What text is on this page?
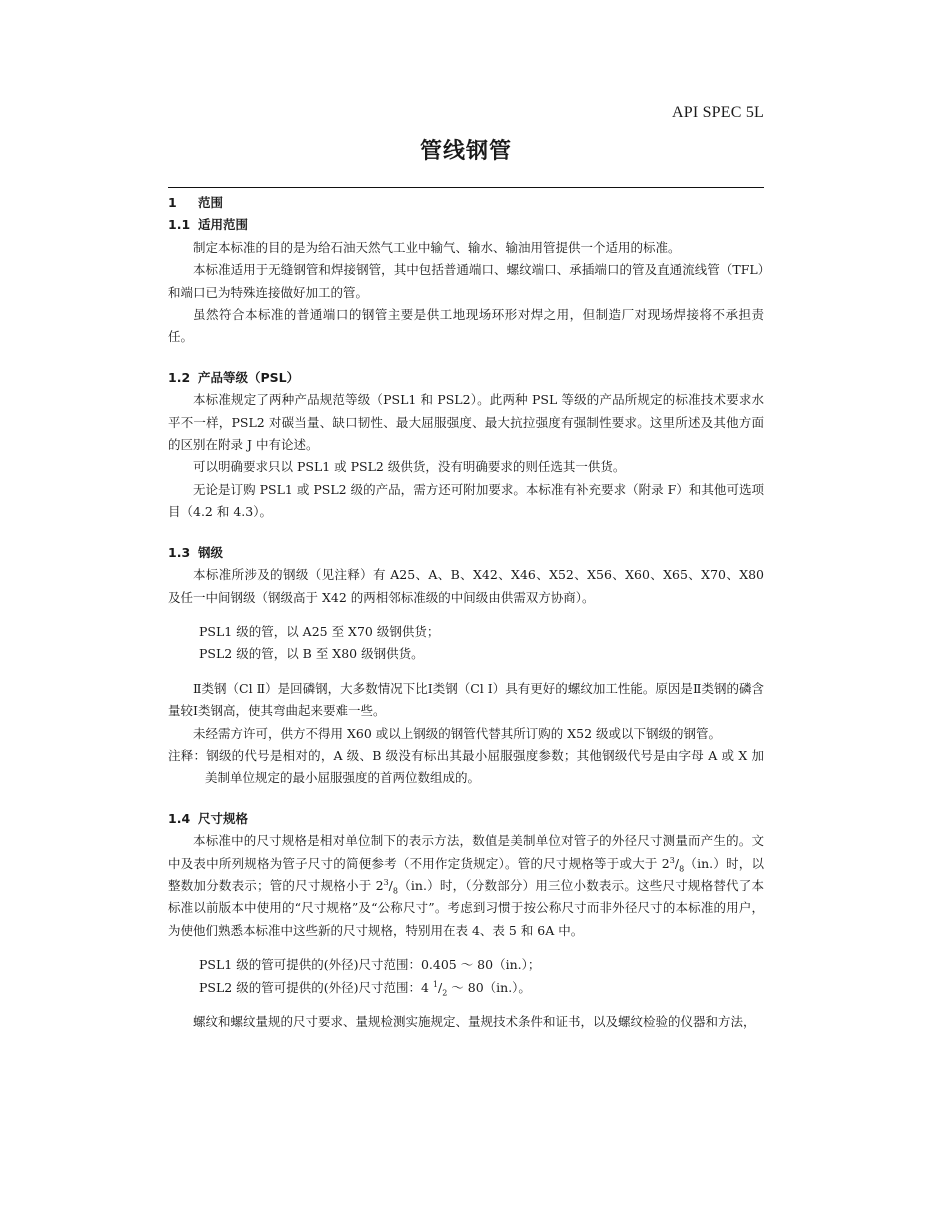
API SPEC 5L
管线钢管
1 范围
1.1 适用范围

制定本标准的目的是为给石油天然气工业中输气、输水、输油用管提供一个适用的标准。

本标准适用于无缝钢管和焊接钢管，其中包括普通端口、螺纹端口、承插端口的管及直通流线管（TFL）和端口已为特殊连接做好加工的管。

虽然符合本标准的普通端口的钢管主要是供工地现场环形对焊之用，但制造厂对现场焊接将不承担责任。

1.2 产品等级（PSL）

本标准规定了两种产品规范等级（PSL1 和 PSL2）。此两种 PSL 等级的产品所规定的标准技术要求水平不一样，PSL2 对碳当量、缺口韧性、最大屈服强度、最大抗拉强度有强制性要求。这里所述及其他方面的区别在附录 J 中有论述。

可以明确要求只以 PSL1 或 PSL2 级供货，没有明确要求的则任选其一供货。

无论是订购 PSL1 或 PSL2 级的产品，需方还可附加要求。本标准有补充要求（附录 F）和其他可选项目（4.2 和 4.3）。

1.3 钢级

本标准所涉及的钢级（见注释）有 A25、A、B、X42、X46、X52、X56、X60、X65、X70、X80 及任一中间钢级（钢级高于 X42 的两相邻标准级的中间级由供需双方协商）。

PSL1 级的管，以 A25 至 X70 级钢供货；

PSL2 级的管，以 B 至 X80 级钢供货。

Ⅱ类钢（Cl Ⅱ）是回磷钢，大多数情况下比Ⅰ类钢（Cl Ⅰ）具有更好的螺纹加工性能。原因是Ⅱ类钢的磷含量较Ⅰ类钢高，使其弯曲起来要难一些。

未经需方许可，供方不得用 X60 或以上钢级的钢管代替其所订购的 X52 级或以下钢级的钢管。

注释：钢级的代号是相对的，A 级、B 级没有标出其最小屈服强度参数；其他钢级代号是由字母 A 或 X 加美制单位规定的最小屈服强度的首两位数组成的。

1.4 尺寸规格

本标准中的尺寸规格是相对单位制下的表示方法，数值是美制单位对管子的外径尺寸测量而产生的。文中及表中所列规格为管子尺寸的简便参考（不用作定货规定）。管的尺寸规格等于或大于 $2^3/_8(in.)$时，以整数加分数表示；管的尺寸规格小于 $2^3/_8(in.)$时，（分数部分）用三位小数表示。这些尺寸规格替代了本标准以前版本中使用的“尺寸规格”及“公称尺寸”。考虑到习惯于按公称尺寸而非外径尺寸的本标准的用户，为使他们熟悉本标准中这些新的尺寸规格，特别用在表 4、表 5 和 6A 中。

PSL1 级的管可提供的(外径)尺寸范围：0.405 ～ 80（in.）；

PSL2 级的管可提供的(外径)尺寸范围：4 $^1/_2$ ～ 80（in.）。

螺纹和螺纹量规的尺寸要求、量规检测实施规定、量规技术条件和证书，以及螺纹检验的仪器和方法，
